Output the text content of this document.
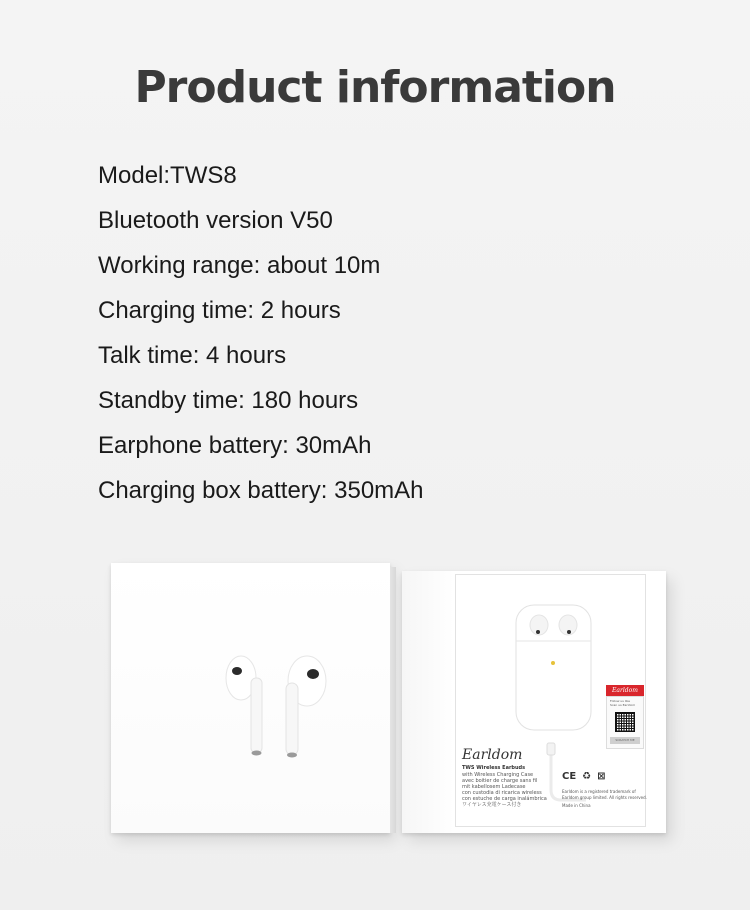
Product information
Model:TWS8
Bluetooth version V50
Working range: about 10m
Charging time: 2 hours
Talk time: 4 hours
Standby time: 180 hours
Earphone battery: 30mAh
Charging box battery: 350mAh
Earldom
TWS Wireless Earbuds
with Wireless Charging Case
avec boitier de charge sans fil
mit kabellosem Ladecase
con custodia di ricarica wireless
con estuche de carga inalámbrica
ワイヤレス充電ケース付き
Earldom
Follow us like
Scan us Earldom
SCRATCH ME
CE ♻ ⊠
Earldom is a registered trademark of
Earldom group limited. All rights reserved.
Made in China
